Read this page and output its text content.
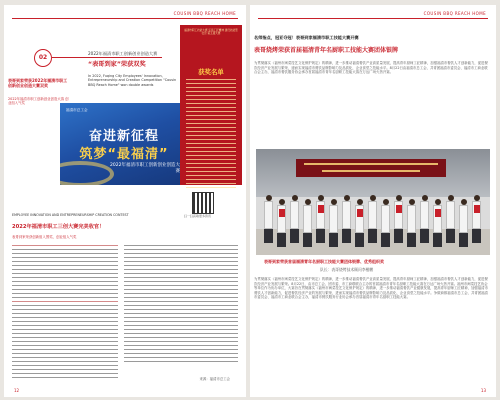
COUSIN BBQ REACH HOME
02
2022年福清市职工创新创业创造大赛
“表哥到家”荣获双奖
In 2022, Fuqing City Employees' Innovation, Entrepreneurship and Creation Competition "Cousin BBQ Reach Home" won double awards
表哥到家荣获2022年福清市职工创新创业创造大赛双奖
2022年福清市职工创新创业创造大赛 创业组入气奖
福清市总工会
奋进新征程
筑梦“最福清”
2022年福清市职工创新创业创造大赛
福清市职工技能大赛 弘扬工匠精神 建设技能型社会 第五届大赛
获奖名单
扫一扫获取更多资讯
EMPLOYEE INNOVATION AND ENTREPRENEURSHIP CREATION CONTEST
2022年福清市职工三创大赛完美收官！
表哥到家荣获创新组入围奖、创业组人气奖
来源：福清市总工会
12
COUSIN BBQ REACH HOME
名师指点，冠亚夺冠！表哥到家福清市职工技能大赛开赛
表哥烧烤荣获首届福清青年名厨职工技能大赛团体银牌
为贯彻落实《福州市闽菜技艺文化保护规定》的精神，进一步推动福清餐饮产业高质量发展，提高青年厨师工匠精神，加强福清市餐饮人才创新能力，促进餐饮经济产业发展与繁荣，递而实现福清市餐饮品牌影响力及品质化，企业食堂之技能水平。8月22日由福清市总工会、共青团福清市委员会、福清市工商业联合会主办，福清市餐饮服务协会承办首届福清市青年名厨职工技能大赛在万达广场火热开赛。
表哥到家荣获首届福清青年名厨职工技能大赛团体银牌、优秀组织奖
队长：表哥烧烤技术顾问李楷鹏
为贯彻落实《福州市闽菜技艺文化保护规定》的精神，进一步推动福清餐饮产业高质量发展，提高青年厨师工匠精神，加强福清市餐饮人才创新能力，促进餐饮经济产业发展与繁荣。8月22日，由市总工会、团市委、市工商联联合主办的首届福清市青年名厨职工技能大赛在万达广场火热开赛。福州市闽菜技艺协会等单位作为协办单位，大赛旨在贯彻落实《福州市闽菜技艺文化保护规定》的精神，进一步推动福清餐饮产业健康发展，提高青年厨师工匠精神，加强福清市餐饮人才创新能力，促进餐饮经济产业的发展与繁荣，进而实现福清市餐饮品牌影响力及品质化、企业食堂之技能水平。争做商都福清市总工会、共青团福清市委员会、福清市工商业联合会主办，福清市餐饮服务行业协会承办首届福清市青年名厨职工技能大赛。
13
